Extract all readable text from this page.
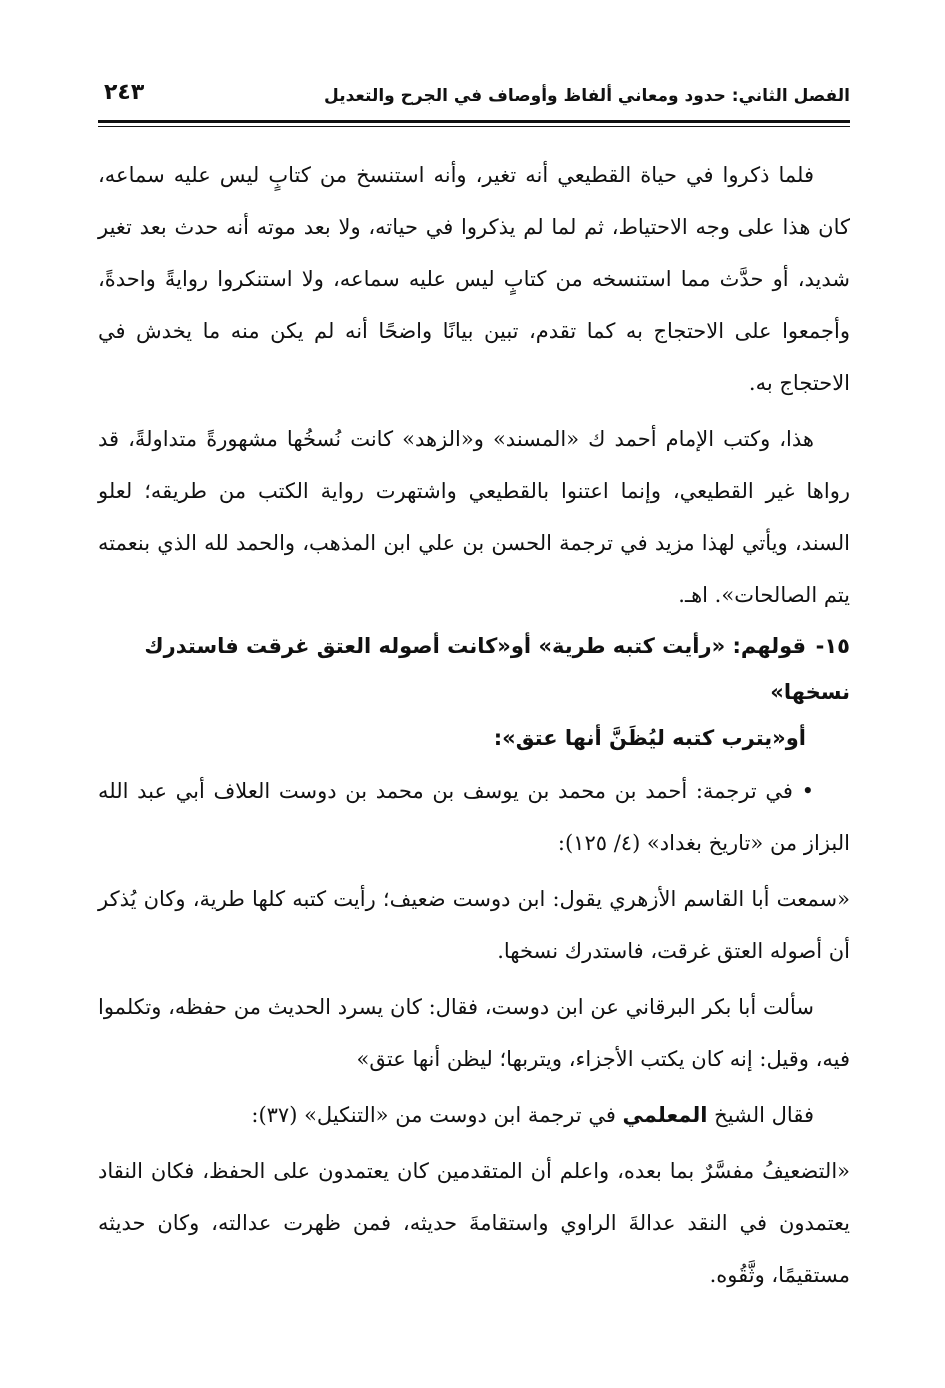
الفصل الثاني: حدود ومعاني ألفاظ وأوصاف في الجرح والتعديل
٢٤٣

فلما ذكروا في حياة القطيعي أنه تغير، وأنه استنسخ من كتابٍ ليس عليه سماعه، كان هذا على وجه الاحتياط، ثم لما لم يذكروا في حياته، ولا بعد موته أنه حدث بعد تغير شديد، أو حدَّث مما استنسخه من كتابٍ ليس عليه سماعه، ولا استنكروا روايةً واحدةً، وأجمعوا على الاحتجاج به كما تقدم، تبين بيانًا واضحًا أنه لم يكن منه ما يخدش في الاحتجاج به.

هذا، وكتب الإمام أحمد ك «المسند» و«الزهد» كانت نُسخُها مشهورةً متداولةً، قد رواها غير القطيعي، وإنما اعتنوا بالقطيعي واشتهرت رواية الكتب من طريقه؛ لعلو السند، ويأتي لهذا مزيد في ترجمة الحسن بن علي ابن المذهب، والحمد لله الذي بنعمته يتم الصالحات». اهـ.

١٥-قولهم: «رأيت كتبه طرية» أو«كانت أصوله العتق غرقت فاستدرك نسخها»
أو«يترب كتبه ليُظَنَّ أنها عتق»:

• في ترجمة: أحمد بن محمد بن يوسف بن محمد بن دوست العلاف أبي عبد الله البزاز من «تاريخ بغداد» (٤/ ١٢٥):

«سمعت أبا القاسم الأزهري يقول: ابن دوست ضعيف؛ رأيت كتبه كلها طرية، وكان يُذكر أن أصوله العتق غرقت، فاستدرك نسخها.

سألت أبا بكر البرقاني عن ابن دوست، فقال: كان يسرد الحديث من حفظه، وتكلموا فيه، وقيل: إنه كان يكتب الأجزاء، ويتربها؛ ليظن أنها عتق»

فقال الشيخ المعلمي في ترجمة ابن دوست من «التنكيل» (٣٧):

«التضعيفُ مفسَّرٌ بما بعده، واعلم أن المتقدمين كان يعتمدون على الحفظ، فكان النقاد يعتمدون في النقد عدالةَ الراوي واستقامةَ حديثه، فمن ظهرت عدالته، وكان حديثه مستقيمًا، وثَّقُوه.
